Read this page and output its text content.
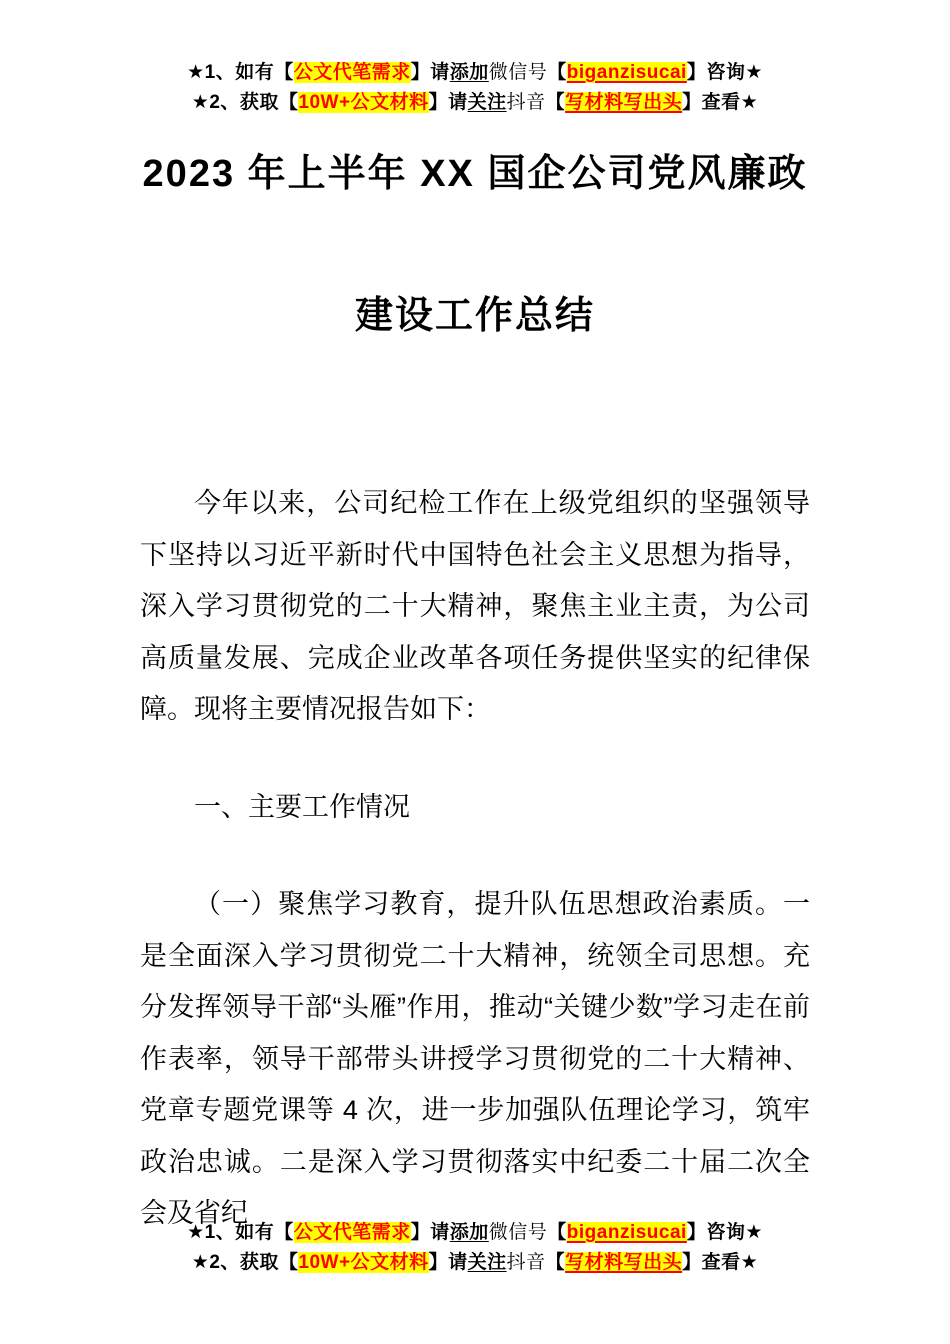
★1、如有【公文代笔需求】请添加微信号【biganzisucai】咨询★
★2、获取【10W+公文材料】请关注抖音【写材料写出头】查看★
2023 年上半年 XX 国企公司党风廉政
建设工作总结

今年以来，公司纪检工作在上级党组织的坚强领导下坚持以习近平新时代中国特色社会主义思想为指导，深入学习贯彻党的二十大精神，聚焦主业主责，为公司高质量发展、完成企业改革各项任务提供坚实的纪律保障。现将主要情况报告如下：

一、主要工作情况

（一）聚焦学习教育，提升队伍思想政治素质。一是全面深入学习贯彻党二十大精神，统领全司思想。充分发挥领导干部“头雁”作用，推动“关键少数”学习走在前作表率，领导干部带头讲授学习贯彻党的二十大精神、党章专题党课等 4 次，进一步加强队伍理论学习，筑牢政治忠诚。二是深入学习贯彻落实中纪委二十届二次全会及省纪

★1、如有【公文代笔需求】请添加微信号【biganzisucai】咨询★
★2、获取【10W+公文材料】请关注抖音【写材料写出头】查看★
